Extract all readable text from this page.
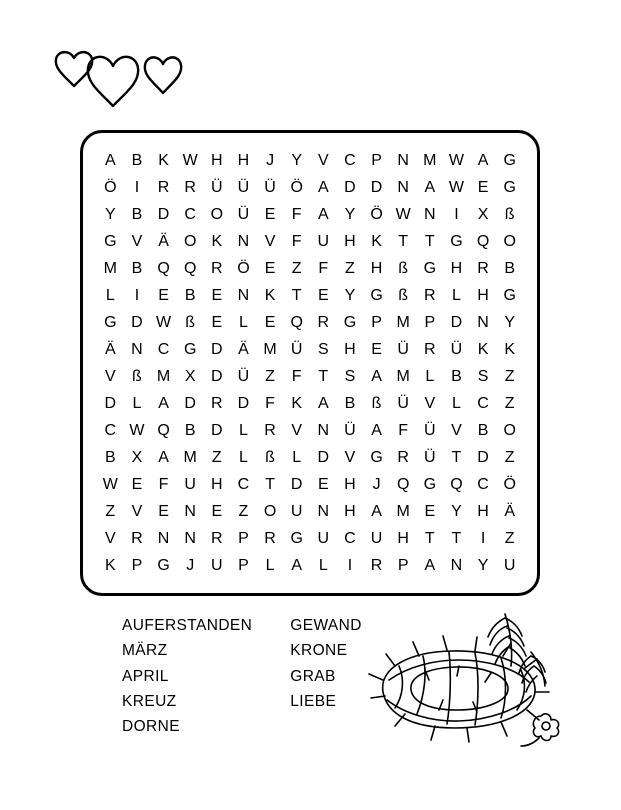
A B K W H H J Y V C P N M W A G
Ö I R R Ü Ü Ü Ö A D D N A W E G
Y B D C O Ü E F A Y Ö W N I X ß
G V Ä O K N V F U H K T T G Q O
M B Q Q R Ö E Z F Z H ß G H R B
L I E B E N K T E Y G ß R L H G
G D W ß E L E Q R G P M P D N Y
Ä N C G D Ä M Ü S H E Ü R Ü K K
V ß M X D Ü Z F T S A M L B S Z
D L A D R D F K A B ß Ü V L C Z
C W Q B D L R V N Ü A F Ü V B O
B X A M Z L ß L D V G R Ü T D Z
W E F U H C T D E H J Q G Q C Ö
Z V E N E Z O U N H A M E Y H Ä
V R N N R P R G U C U H T T I Z
K P G J U P L A L I R P A N Y U
AUFERSTANDEN
MÄRZ
APRIL
KREUZ
DORNE
GEWAND
KRONE
GRAB
LIEBE
